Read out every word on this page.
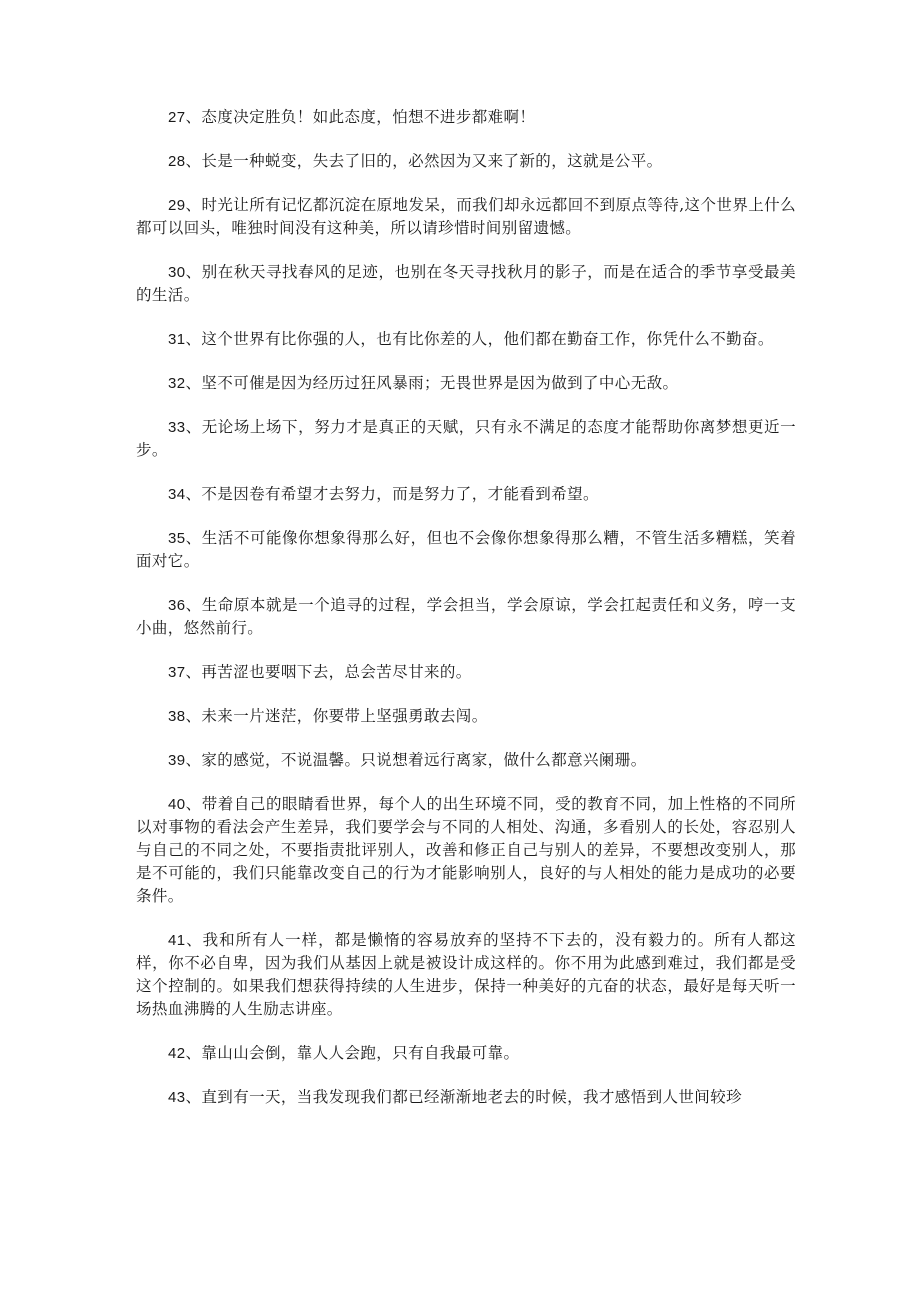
27、态度决定胜负！如此态度，怕想不进步都难啊！

28、长是一种蜕变，失去了旧的，必然因为又来了新的，这就是公平。

29、时光让所有记忆都沉淀在原地发呆，而我们却永远都回不到原点等待,这个世界上什么都可以回头，唯独时间没有这种美，所以请珍惜时间别留遗憾。

30、别在秋天寻找春风的足迹，也别在冬天寻找秋月的影子，而是在适合的季节享受最美的生活。

31、这个世界有比你强的人，也有比你差的人，他们都在勤奋工作，你凭什么不勤奋。

32、坚不可催是因为经历过狂风暴雨；无畏世界是因为做到了中心无敌。

33、无论场上场下，努力才是真正的天赋，只有永不满足的态度才能帮助你离梦想更近一步。

34、不是因卷有希望才去努力，而是努力了，才能看到希望。

35、生活不可能像你想象得那么好，但也不会像你想象得那么糟，不管生活多糟糕，笑着面对它。

36、生命原本就是一个追寻的过程，学会担当，学会原谅，学会扛起责任和义务，哼一支小曲，悠然前行。

37、再苦涩也要咽下去，总会苦尽甘来的。

38、未来一片迷茫，你要带上坚强勇敢去闯。

39、家的感觉，不说温馨。只说想着远行离家，做什么都意兴阑珊。

40、带着自己的眼睛看世界，每个人的出生环境不同，受的教育不同，加上性格的不同所以对事物的看法会产生差异，我们要学会与不同的人相处、沟通，多看别人的长处，容忍别人与自己的不同之处，不要指责批评别人，改善和修正自己与别人的差异，不要想改变别人，那是不可能的，我们只能靠改变自己的行为才能影响别人，良好的与人相处的能力是成功的必要条件。

41、我和所有人一样，都是懒惰的容易放弃的坚持不下去的，没有毅力的。所有人都这样，你不必自卑，因为我们从基因上就是被设计成这样的。你不用为此感到难过，我们都是受这个控制的。如果我们想获得持续的人生进步，保持一种美好的亢奋的状态，最好是每天听一场热血沸腾的人生励志讲座。

42、靠山山会倒，靠人人会跑，只有自我最可靠。

43、直到有一天，当我发现我们都已经渐渐地老去的时候，我才感悟到人世间较珍
